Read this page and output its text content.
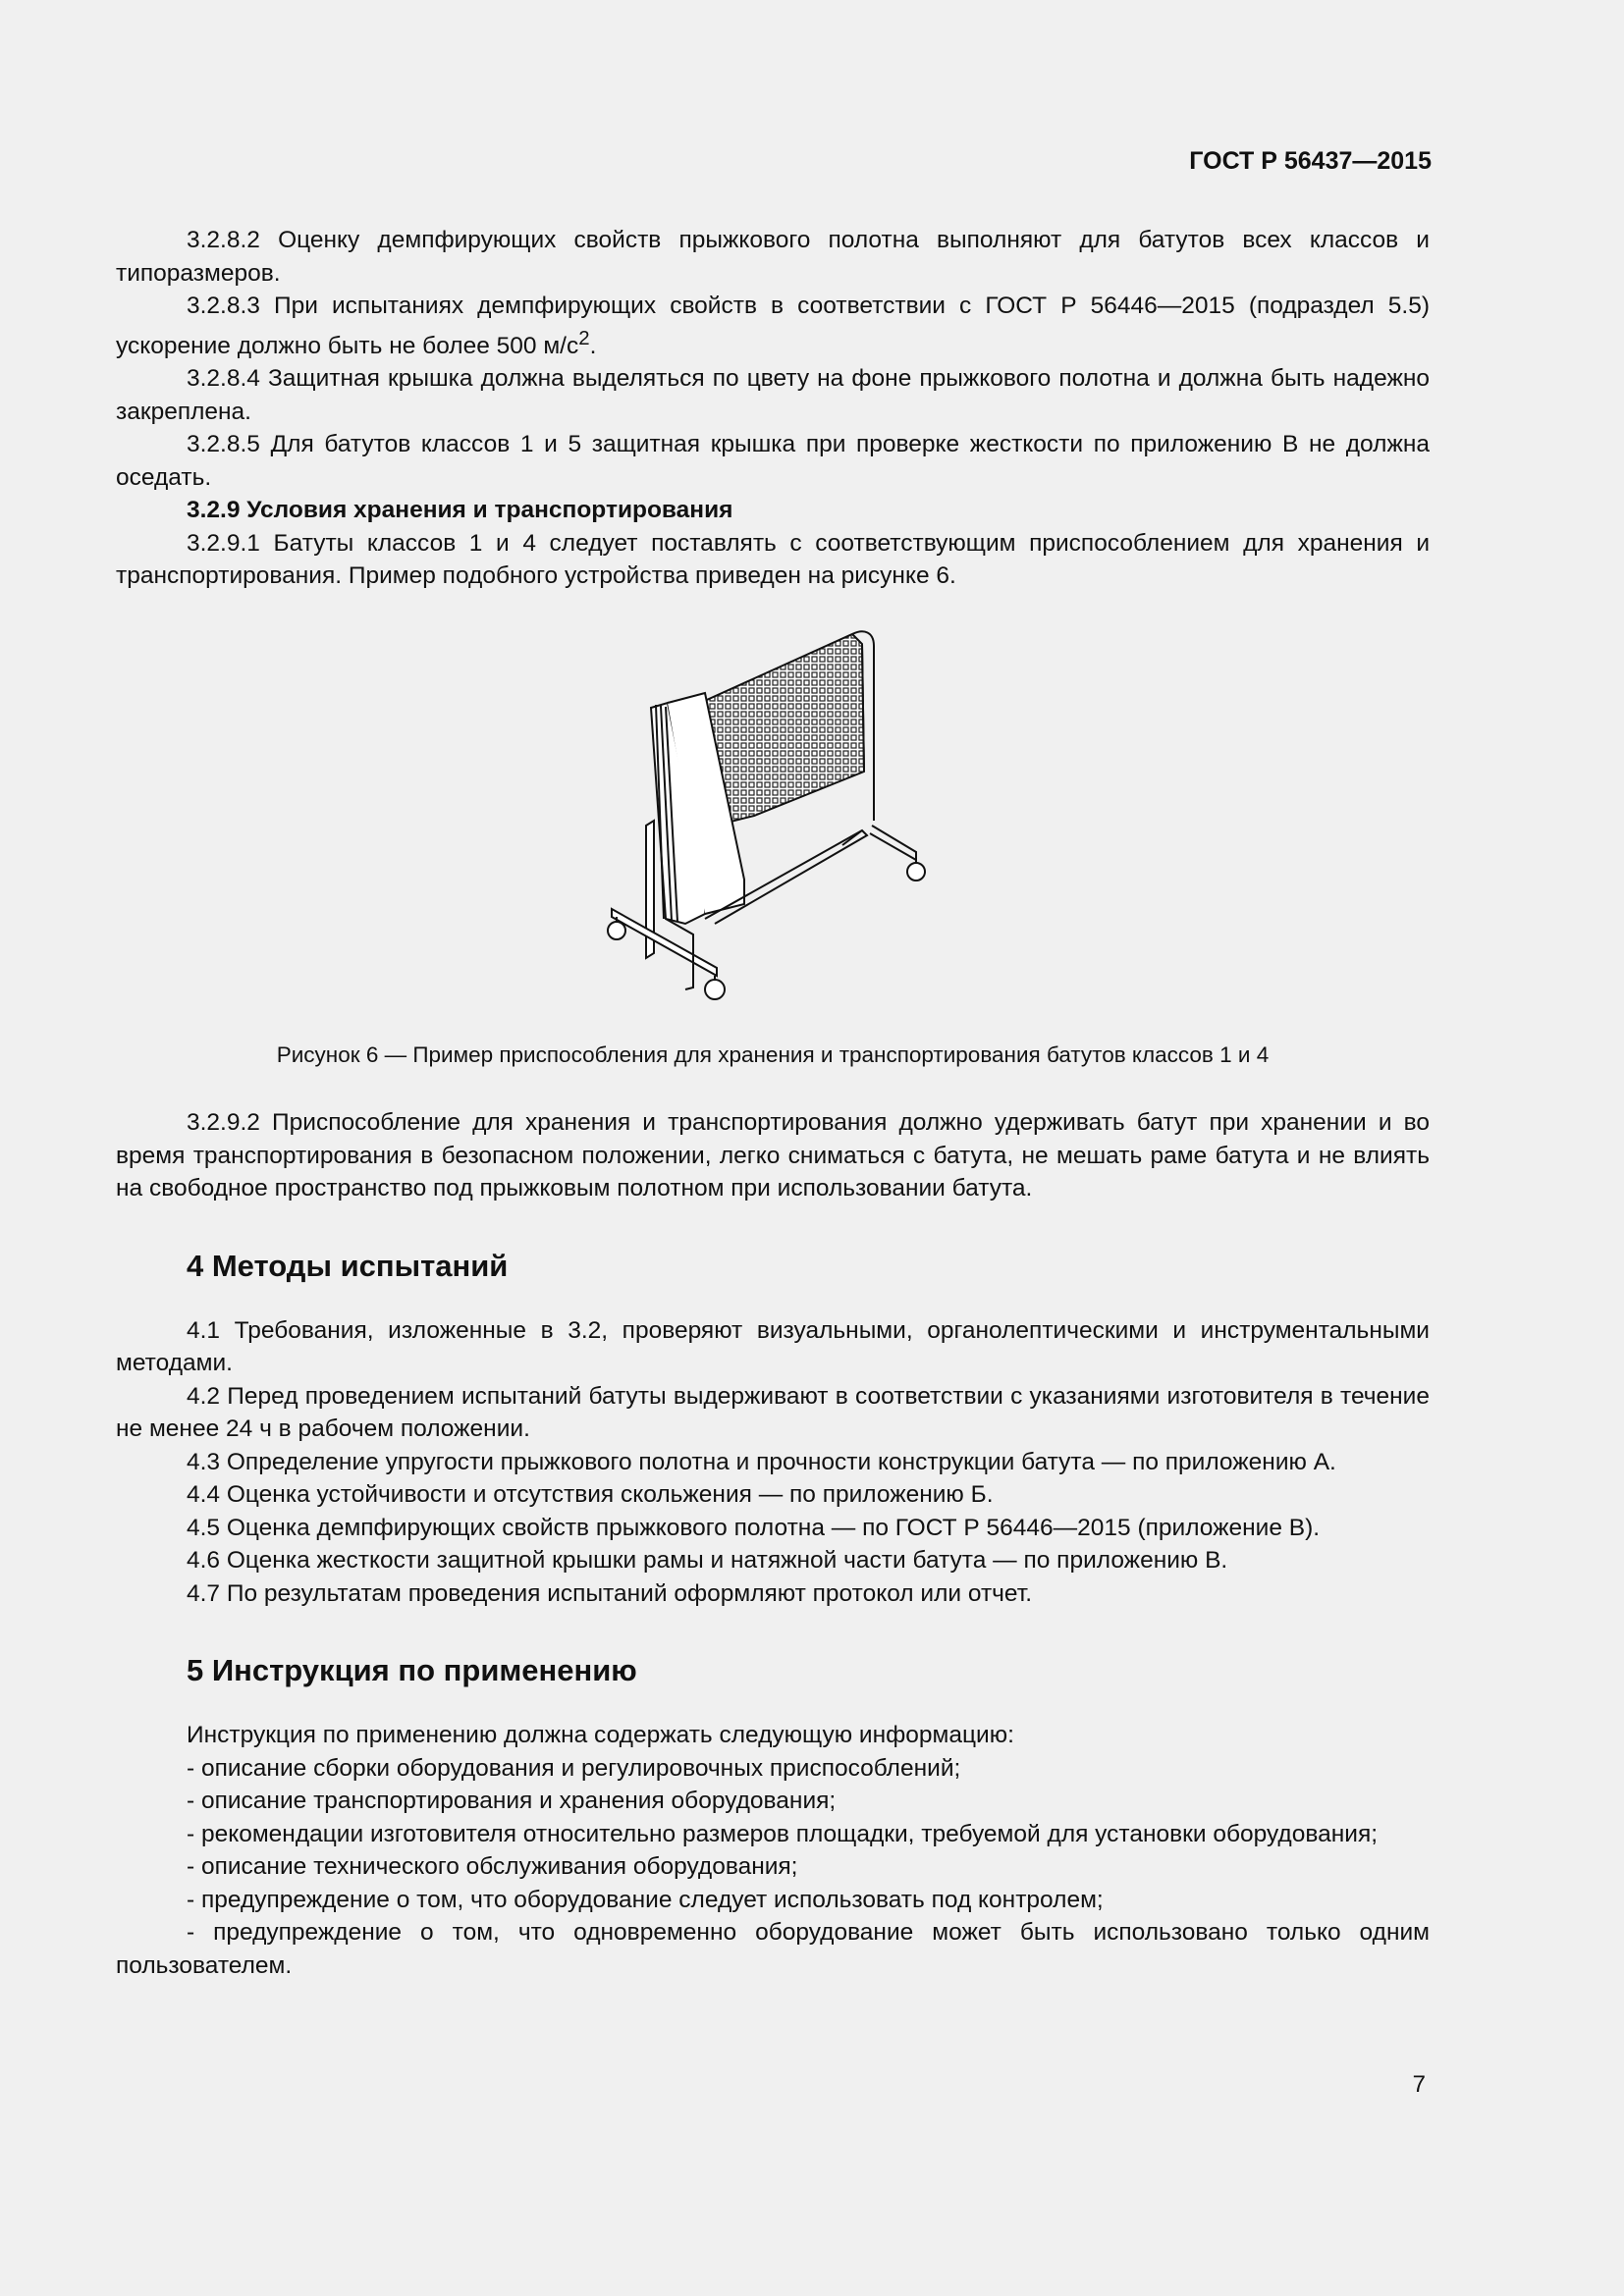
ГОСТ Р 56437—2015

3.2.8.2 Оценку демпфирующих свойств прыжкового полотна выполняют для батутов всех классов и типоразмеров.

3.2.8.3 При испытаниях демпфирующих свойств в соответствии с ГОСТ Р 56446—2015 (подраздел 5.5) ускорение должно быть не более 500 $м/с^2$.

3.2.8.4 Защитная крышка должна выделяться по цвету на фоне прыжкового полотна и должна быть надежно закреплена.

3.2.8.5 Для батутов классов 1 и 5 защитная крышка при проверке жесткости по приложению В не должна оседать.

3.2.9 Условия хранения и транспортирования

3.2.9.1 Батуты классов 1 и 4 следует поставлять с соответствующим приспособлением для хранения и транспортирования. Пример подобного устройства приведен на рисунке 6.

Рисунок 6 — Пример приспособления для хранения и транспортирования батутов классов 1 и 4

3.2.9.2 Приспособление для хранения и транспортирования должно удерживать батут при хранении и во время транспортирования в безопасном положении, легко сниматься с батута, не мешать раме батута и не влиять на свободное пространство под прыжковым полотном при использовании батута.

4 Методы испытаний

4.1 Требования, изложенные в 3.2, проверяют визуальными, органолептическими и инструментальными методами.

4.2 Перед проведением испытаний батуты выдерживают в соответствии с указаниями изготовителя в течение не менее 24 ч в рабочем положении.

4.3 Определение упругости прыжкового полотна и прочности конструкции батута — по приложению А.

4.4 Оценка устойчивости и отсутствия скольжения — по приложению Б.

4.5 Оценка демпфирующих свойств прыжкового полотна — по ГОСТ Р 56446—2015 (приложение В).

4.6 Оценка жесткости защитной крышки рамы и натяжной части батута — по приложению В.

4.7 По результатам проведения испытаний оформляют протокол или отчет.

5 Инструкция по применению

Инструкция по применению должна содержать следующую информацию:

- описание сборки оборудования и регулировочных приспособлений;

- описание транспортирования и хранения оборудования;

- рекомендации изготовителя относительно размеров площадки, требуемой для установки оборудования;

- описание технического обслуживания оборудования;

- предупреждение о том, что оборудование следует использовать под контролем;

- предупреждение о том, что одновременно оборудование может быть использовано только одним пользователем.

7
